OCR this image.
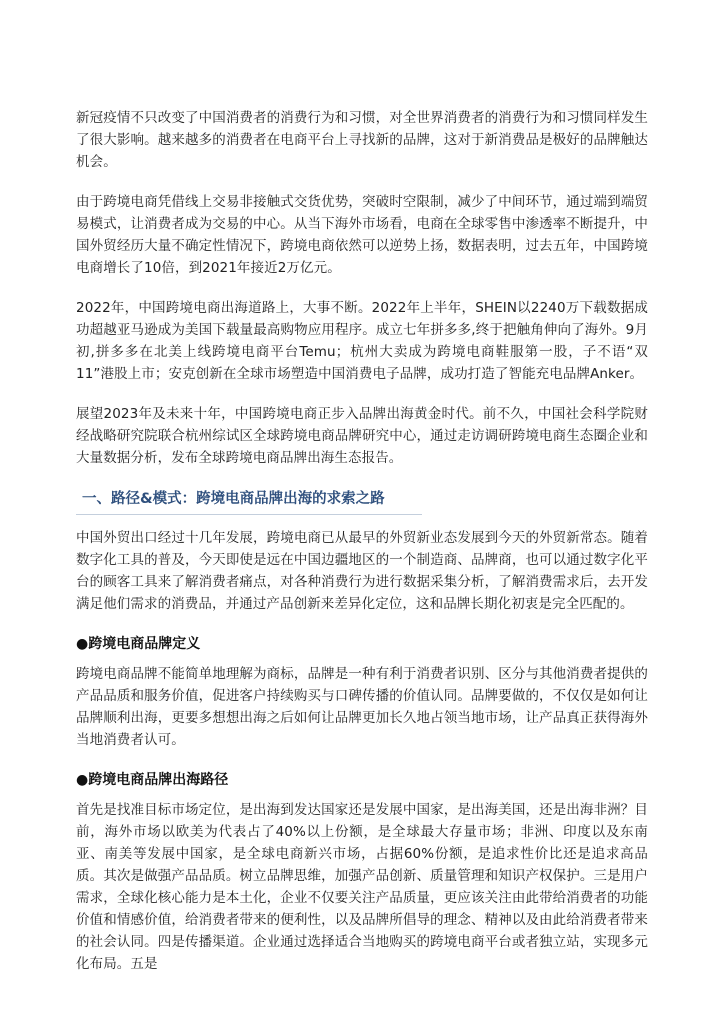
新冠疫情不只改变了中国消费者的消费行为和习惯，对全世界消费者的消费行为和习惯同样发生了很大影响。越来越多的消费者在电商平台上寻找新的品牌，这对于新消费品是极好的品牌触达机会。

由于跨境电商凭借线上交易非接触式交货优势，突破时空限制，减少了中间环节，通过端到端贸易模式，让消费者成为交易的中心。从当下海外市场看，电商在全球零售中渗透率不断提升，中国外贸经历大量不确定性情况下，跨境电商依然可以逆势上扬，数据表明，过去五年，中国跨境电商增长了10倍，到2021年接近2万亿元。

2022年，中国跨境电商出海道路上，大事不断。2022年上半年，SHEIN以2240万下载数据成功超越亚马逊成为美国下载量最高购物应用程序。成立七年拼多多,终于把触角伸向了海外。9月初,拼多多在北美上线跨境电商平台Temu；杭州大卖成为跨境电商鞋服第一股，子不语“双11”港股上市；安克创新在全球市场塑造中国消费电子品牌，成功打造了智能充电品牌Anker。

展望2023年及未来十年，中国跨境电商正步入品牌出海黄金时代。前不久，中国社会科学院财经战略研究院联合杭州综试区全球跨境电商品牌研究中心，通过走访调研跨境电商生态圈企业和大量数据分析，发布全球跨境电商品牌出海生态报告。

一、路径&模式：跨境电商品牌出海的求索之路

中国外贸出口经过十几年发展，跨境电商已从最早的外贸新业态发展到今天的外贸新常态。随着数字化工具的普及，今天即使是远在中国边疆地区的一个制造商、品牌商，也可以通过数字化平台的顾客工具来了解消费者痛点，对各种消费行为进行数据采集分析，了解消费需求后，去开发满足他们需求的消费品，并通过产品创新来差异化定位，这和品牌长期化初衷是完全匹配的。

●跨境电商品牌定义

跨境电商品牌不能简单地理解为商标，品牌是一种有利于消费者识别、区分与其他消费者提供的产品品质和服务价值，促进客户持续购买与口碑传播的价值认同。品牌要做的，不仅仅是如何让品牌顺利出海，更要多想想出海之后如何让品牌更加长久地占领当地市场，让产品真正获得海外当地消费者认可。

●跨境电商品牌出海路径

首先是找准目标市场定位，是出海到发达国家还是发展中国家，是出海美国，还是出海非洲？目前，海外市场以欧美为代表占了40%以上份额，是全球最大存量市场；非洲、印度以及东南亚、南美等发展中国家，是全球电商新兴市场，占据60%份额，是追求性价比还是追求高品质。其次是做强产品品质。树立品牌思维，加强产品创新、质量管理和知识产权保护。三是用户需求，全球化核心能力是本土化，企业不仅要关注产品质量，更应该关注由此带给消费者的功能价值和情感价值，给消费者带来的便利性，以及品牌所倡导的理念、精神以及由此给消费者带来的社会认同。四是传播渠道。企业通过选择适合当地购买的跨境电商平台或者独立站，实现多元化布局。五是
